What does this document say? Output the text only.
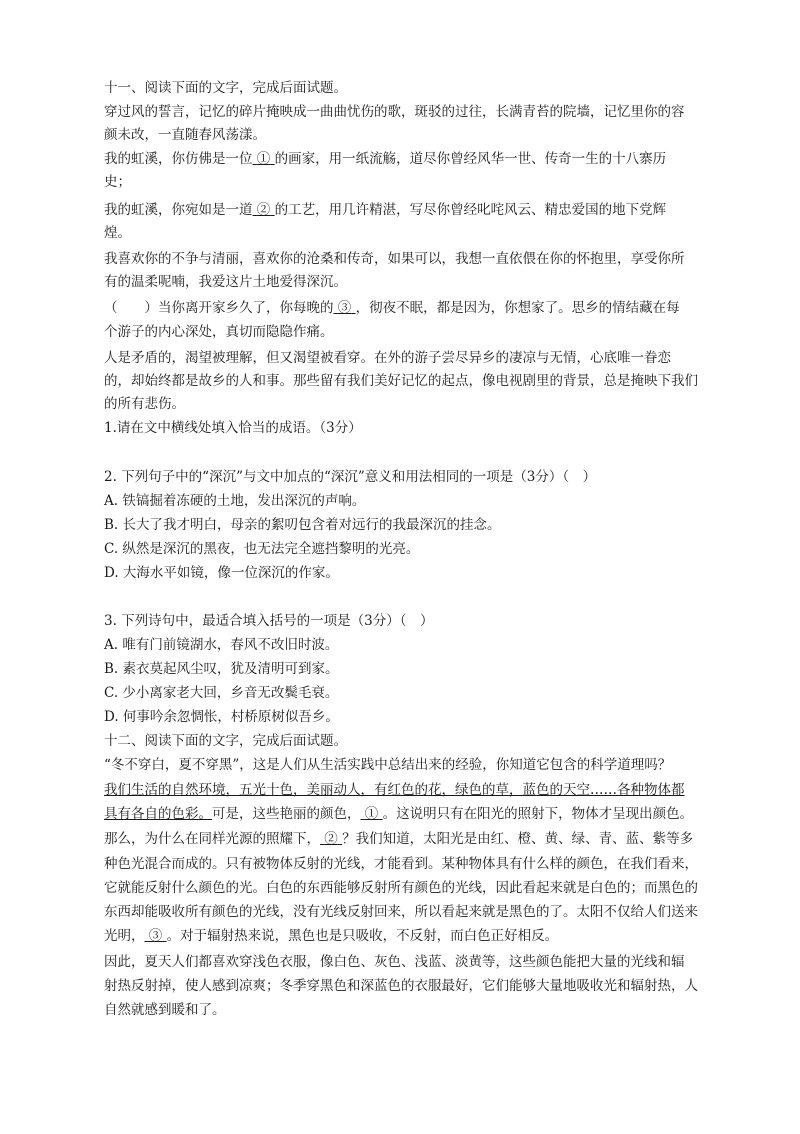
十一、阅读下面的文字，完成后面试题。
穿过风的誓言，记忆的碎片掩映成一曲曲忧伤的歌，斑驳的过往，长满青苔的院墙，记忆里你的容
颜未改，一直随春风荡漾。
我的虹溪，你仿佛是一位 ① 的画家，用一纸流觞，道尽你曾经风华一世、传奇一生的十八寨历
史；
我的虹溪，你宛如是一道 ② 的工艺，用几许精湛，写尽你曾经叱咤风云、精忠爱国的地下党辉
煌。
我喜欢你的不争与清丽，喜欢你的沧桑和传奇，如果可以，我想一直依偎在你的怀抱里，享受你所
有的温柔呢喃，我爱这片土地爱得深沉。
（　　）当你离开家乡久了，你每晚的 ③ ，彻夜不眠，都是因为，你想家了。思乡的情结藏在每
个游子的内心深处，真切而隐隐作痛。
人是矛盾的，渴望被理解，但又渴望被看穿。在外的游子尝尽异乡的凄凉与无情，心底唯一眷恋
的，却始终都是故乡的人和事。那些留有我们美好记忆的起点，像电视剧里的背景，总是掩映下我们
的所有悲伤。
1.请在文中横线处填入恰当的成语。（3分）
2. 下列句子中的“深沉”与文中加点的“深沉”意义和用法相同的一项是（3分）（　）
A. 铁镐掘着冻硬的土地，发出深沉的声响。
B. 长大了我才明白，母亲的絮叨包含着对远行的我最深沉的挂念。
C. 纵然是深沉的黑夜，也无法完全遮挡黎明的光亮。
D. 大海水平如镜，像一位深沉的作家。
3. 下列诗句中，最适合填入括号的一项是（3分）（　）
A. 唯有门前镜湖水，春风不改旧时波。
B. 素衣莫起风尘叹，犹及清明可到家。
C. 少小离家老大回，乡音无改鬓毛衰。
D. 何事吟余忽惆怅，村桥原树似吾乡。
十二、阅读下面的文字，完成后面试题。
“冬不穿白，夏不穿黑”，这是人们从生活实践中总结出来的经验，你知道它包含的科学道理吗？
我们生活的自然环境，五光十色，美丽动人，有红色的花，绿色的草，蓝色的天空……各种物体都
具有各自的色彩。可是，这些艳丽的颜色， ① 。这说明只有在阳光的照射下，物体才呈现出颜色。
那么，为什么在同样光源的照耀下， ② ？我们知道，太阳光是由红、橙、黄、绿、青、蓝、紫等多
种色光混合而成的。只有被物体反射的光线，才能看到。某种物体具有什么样的颜色，在我们看来，
它就能反射什么颜色的光。白色的东西能够反射所有颜色的光线，因此看起来就是白色的；而黑色的
东西却能吸收所有颜色的光线，没有光线反射回来，所以看起来就是黑色的了。太阳不仅给人们送来
光明， ③ 。对于辐射热来说，黑色也是只吸收，不反射，而白色正好相反。
因此，夏天人们都喜欢穿浅色衣服，像白色、灰色、浅蓝、淡黄等，这些颜色能把大量的光线和辐
射热反射掉，使人感到凉爽；冬季穿黑色和深蓝色的衣服最好，它们能够大量地吸收光和辐射热，人
自然就感到暖和了。
